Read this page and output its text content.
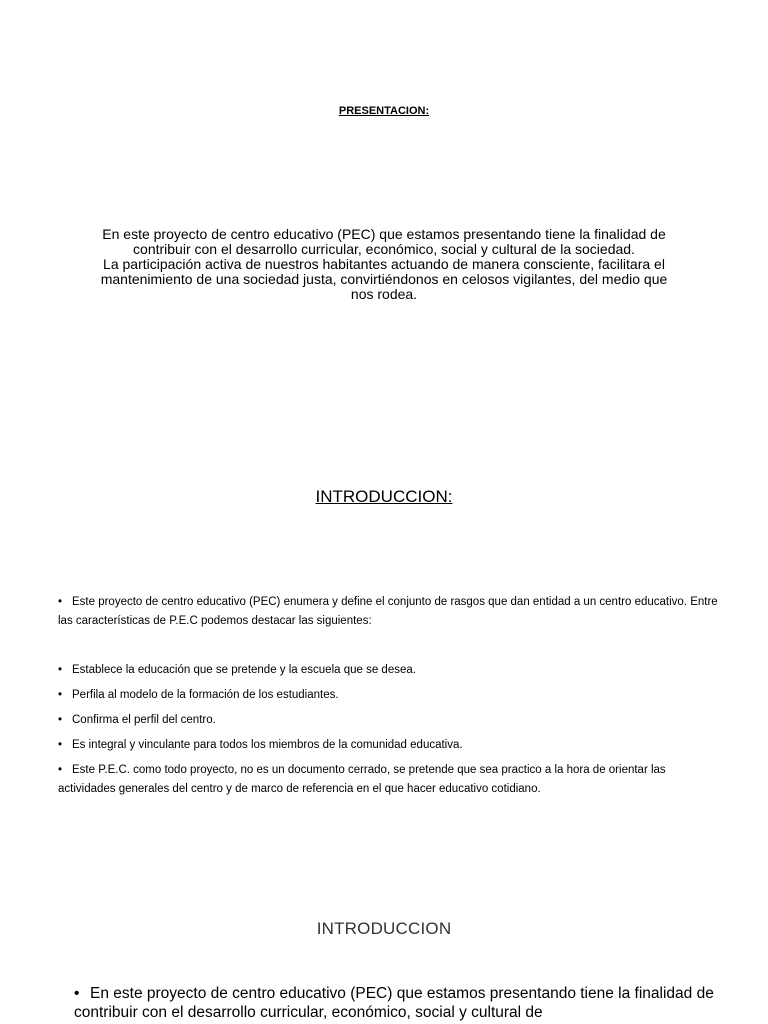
PRESENTACION:

En este proyecto de centro educativo (PEC) que estamos presentando tiene la finalidad de contribuir con el desarrollo curricular, económico, social y cultural de la sociedad.

La participación activa de nuestros habitantes actuando de manera consciente, facilitara el mantenimiento de una sociedad justa, convirtiéndonos en celosos vigilantes, del medio que nos rodea.

INTRODUCCION:

• Este proyecto de centro educativo (PEC) enumera y define el conjunto de rasgos que dan entidad a un centro educativo. Entre las características de P.E.C podemos destacar las siguientes:

• Establece la educación que se pretende y la escuela que se desea.

• Perfila al modelo de la formación de los estudiantes.

• Confirma el perfil del centro.

• Es integral y vinculante para todos los miembros de la comunidad educativa.

• Este P.E.C. como todo proyecto, no es un documento cerrado, se pretende que sea practico a la hora de orientar las actividades generales del centro y de marco de referencia en el que hacer educativo cotidiano.

INTRODUCCION

• En este proyecto de centro educativo (PEC) que estamos presentando tiene la finalidad de contribuir con el desarrollo curricular, económico, social y cultural de
